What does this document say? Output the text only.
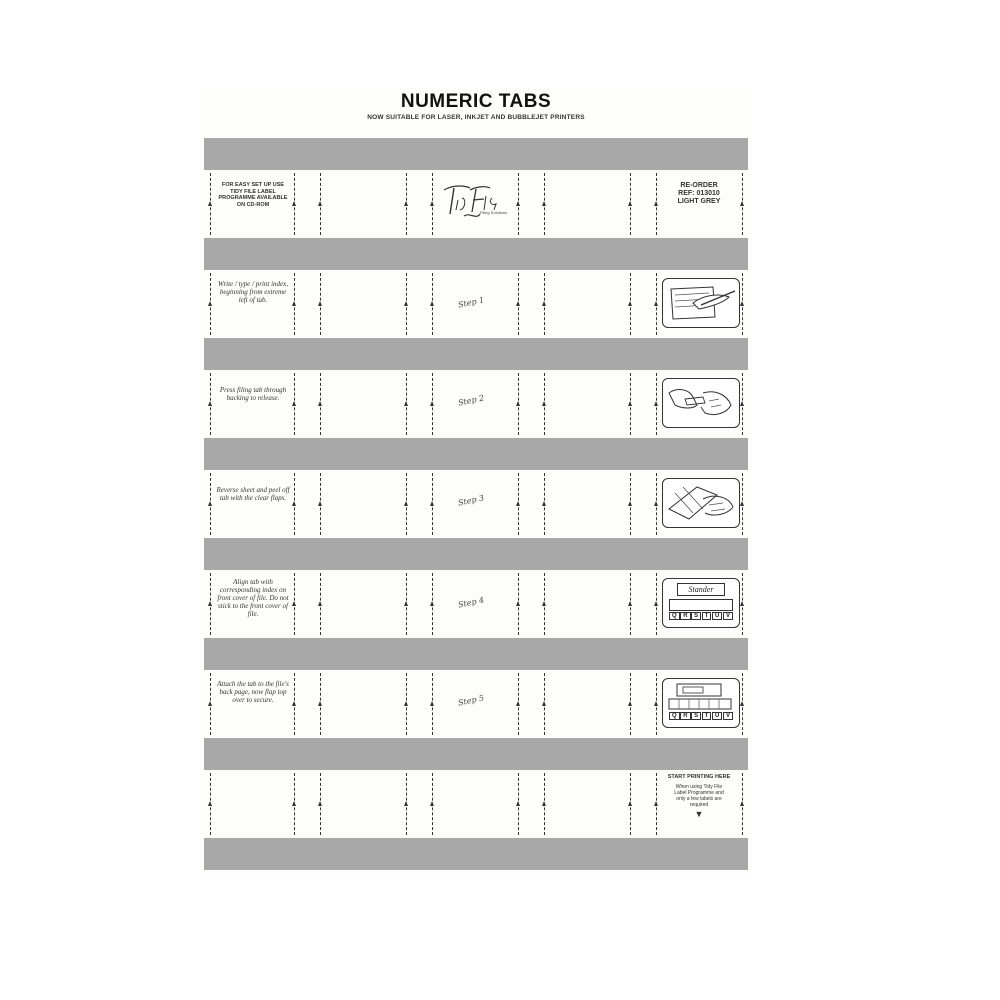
NUMERIC TABS
NOW SUITABLE FOR LASER, INKJET AND BUBBLEJET PRINTERS
FOR EASY SET UP USE TIDY FILE LABEL PROGRAMME AVAILABLE ON CD-ROM
Filing Solutions
RE-ORDER
REF: 013010
LIGHT GREY
Write / type / print index, beginning from extreme left of tab.	Step 1
Press filing tab through backing to release.	Step 2
Reverse sheet and peel off tab with the clear flaps.	Step 3
Align tab with corresponding index on front cover of file. Do not stick to the front cover of file.
Step 4
Stander
Q	R	S	T	U	V
Attach the tab to the file's back page, now flap top over to secure.	Step 5
Q	R	S	T	U	V
START PRINTING HERE
When using Tidy File Label Programme and only a few labels are required
▼
